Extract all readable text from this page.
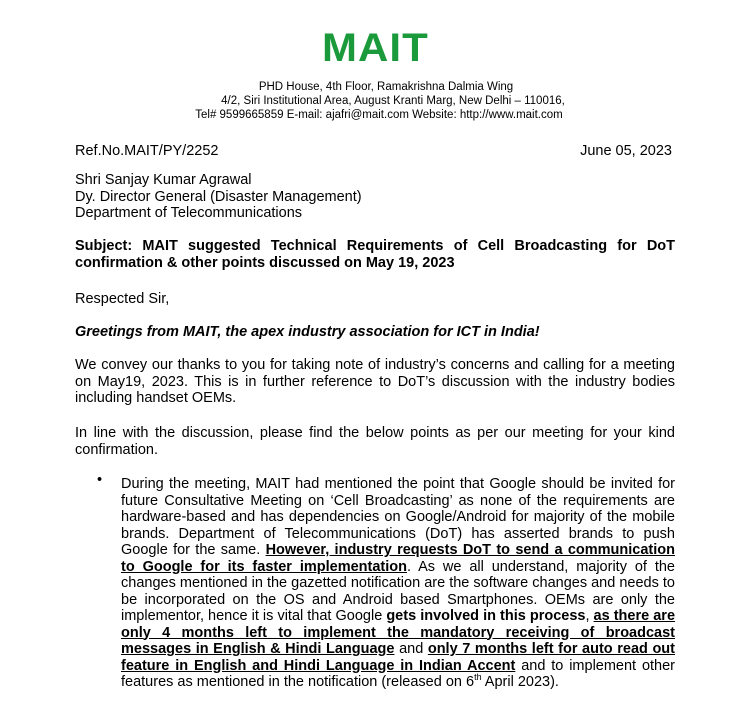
MAIT
PHD House, 4th Floor, Ramakrishna Dalmia Wing
4/2, Siri Institutional Area, August Kranti Marg, New Delhi – 110016,
Tel# 9599665859 E-mail: ajafri@mait.com Website: http://www.mait.com
Ref.No.MAIT/PY/2252	June 05, 2023
Shri Sanjay Kumar Agrawal
Dy. Director General (Disaster Management)
Department of Telecommunications
Subject: MAIT suggested Technical Requirements of Cell Broadcasting for DoT confirmation & other points discussed on May 19, 2023
Respected Sir,
Greetings from MAIT, the apex industry association for ICT in India!
We convey our thanks to you for taking note of industry’s concerns and calling for a meeting on May19, 2023. This is in further reference to DoT’s discussion with the industry bodies including handset OEMs.
In line with the discussion, please find the below points as per our meeting for your kind confirmation.
• During the meeting, MAIT had mentioned the point that Google should be invited for future Consultative Meeting on ‘Cell Broadcasting’ as none of the requirements are hardware-based and has dependencies on Google/Android for majority of the mobile brands. Department of Telecommunications (DoT) has asserted brands to push Google for the same. However, industry requests DoT to send a communication to Google for its faster implementation. As we all understand, majority of the changes mentioned in the gazetted notification are the software changes and needs to be incorporated on the OS and Android based Smartphones. OEMs are only the implementor, hence it is vital that Google gets involved in this process, as there are only 4 months left to implement the mandatory receiving of broadcast messages in English & Hindi Language and only 7 months left for auto read out feature in English and Hindi Language in Indian Accent and to implement other features as mentioned in the notification (released on 6th April 2023).
